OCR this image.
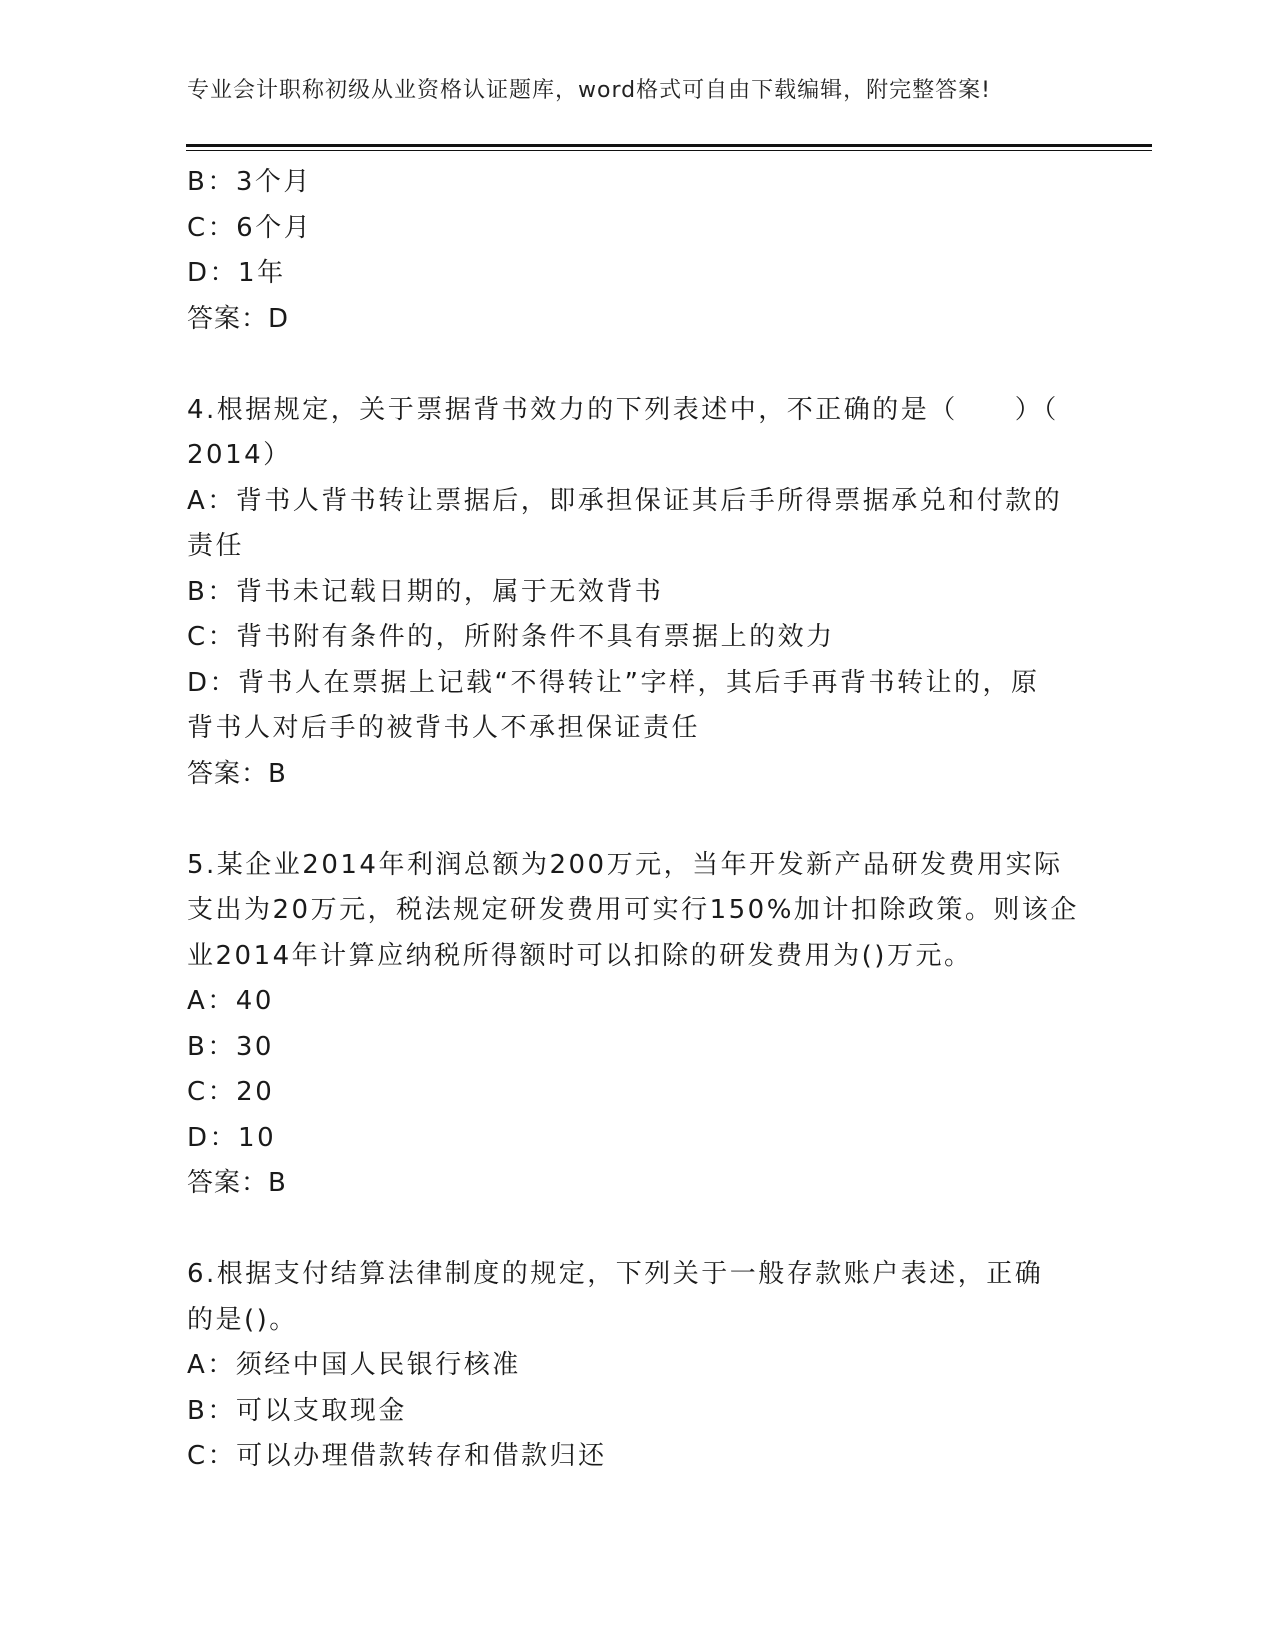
专业会计职称初级从业资格认证题库，word格式可自由下载编辑，附完整答案!
B：3个月
C：6个月
D：1年
答案：D
4.根据规定，关于票据背书效力的下列表述中，不正确的是（　　）（
2014）
A：背书人背书转让票据后，即承担保证其后手所得票据承兑和付款的
责任
B：背书未记载日期的，属于无效背书
C：背书附有条件的，所附条件不具有票据上的效力
D：背书人在票据上记载“不得转让”字样，其后手再背书转让的，原
背书人对后手的被背书人不承担保证责任
答案：B
5.某企业2014年利润总额为200万元，当年开发新产品研发费用实际
支出为20万元，税法规定研发费用可实行150%加计扣除政策。则该企
业2014年计算应纳税所得额时可以扣除的研发费用为()万元。
A：40
B：30
C：20
D：10
答案：B
6.根据支付结算法律制度的规定，下列关于一般存款账户表述，正确
的是()。
A：须经中国人民银行核准
B：可以支取现金
C：可以办理借款转存和借款归还
